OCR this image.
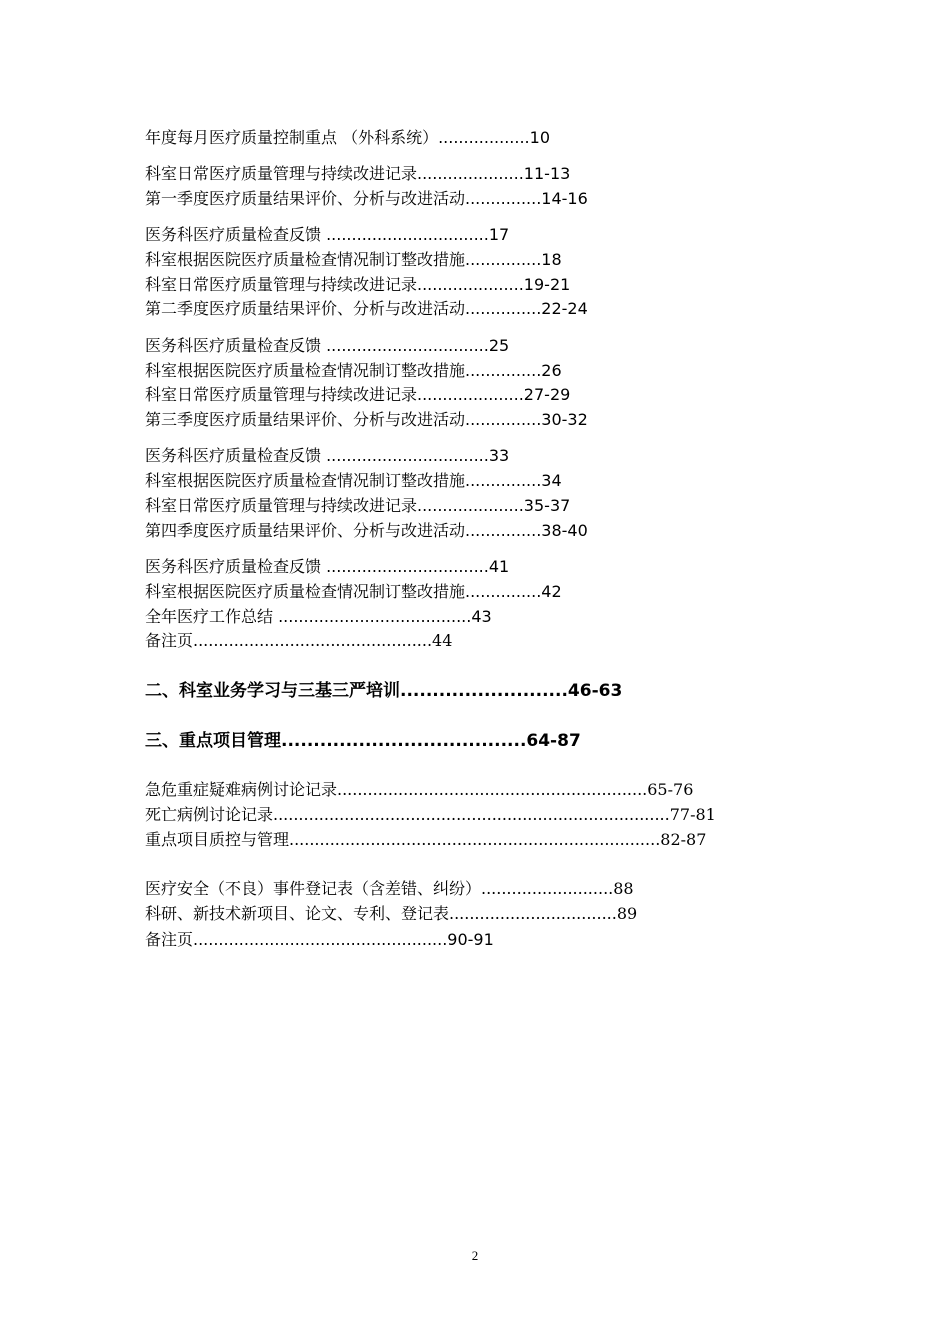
年度每月医疗质量控制重点 （外科系统）..................10
科室日常医疗质量管理与持续改进记录.....................11-13
第一季度医疗质量结果评价、分析与改进活动...............14-16
医务科医疗质量检查反馈 ................................17
科室根据医院医疗质量检查情况制订整改措施...............18
科室日常医疗质量管理与持续改进记录.....................19-21
第二季度医疗质量结果评价、分析与改进活动...............22-24
医务科医疗质量检查反馈 ................................25
科室根据医院医疗质量检查情况制订整改措施...............26
科室日常医疗质量管理与持续改进记录.....................27-29
第三季度医疗质量结果评价、分析与改进活动...............30-32
医务科医疗质量检查反馈 ................................33
科室根据医院医疗质量检查情况制订整改措施...............34
科室日常医疗质量管理与持续改进记录.....................35-37
第四季度医疗质量结果评价、分析与改进活动...............38-40
医务科医疗质量检查反馈 ................................41
科室根据医院医疗质量检查情况制订整改措施...............42
全年医疗工作总结 ......................................43
备注页...............................................44
二、科室业务学习与三基三严培训..........................46-63
三、重点项目管理......................................64-87
急危重症疑难病例讨论记录.............................................................65-76
死亡病例讨论记录..............................................................................77-81
重点项目质控与管理.........................................................................82-87
医疗安全（不良）事件登记表（含差错、纠纷）..........................88
科研、新技术新项目、论文、专利、登记表.................................89
备注页..................................................90-91
2
